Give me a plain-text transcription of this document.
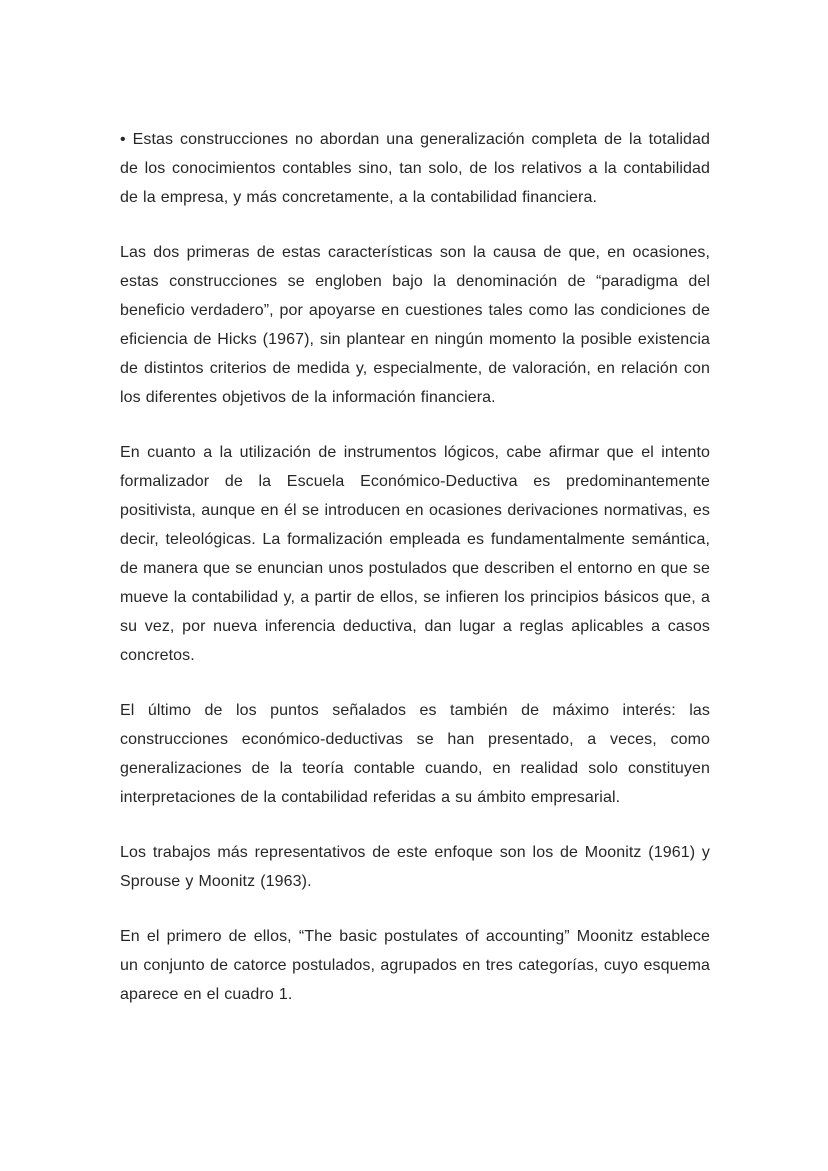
• Estas construcciones no abordan una generalización completa de la totalidad de los conocimientos contables sino, tan solo, de los relativos a la contabilidad de la empresa, y más concretamente, a la contabilidad financiera.

Las dos primeras de estas características son la causa de que, en ocasiones, estas construcciones se engloben bajo la denominación de “paradigma del beneficio verdadero”, por apoyarse en cuestiones tales como las condiciones de eficiencia de Hicks (1967), sin plantear en ningún momento la posible existencia de distintos criterios de medida y, especialmente, de valoración, en relación con los diferentes objetivos de la información financiera.

En cuanto a la utilización de instrumentos lógicos, cabe afirmar que el intento formalizador de la Escuela Económico-Deductiva es predominantemente positivista, aunque en él se introducen en ocasiones derivaciones normativas, es decir, teleológicas. La formalización empleada es fundamentalmente semántica, de manera que se enuncian unos postulados que describen el entorno en que se mueve la contabilidad y, a partir de ellos, se infieren los principios básicos que, a su vez, por nueva inferencia deductiva, dan lugar a reglas aplicables a casos concretos.

El último de los puntos señalados es también de máximo interés: las construcciones económico-deductivas se han presentado, a veces, como generalizaciones de la teoría contable cuando, en realidad solo constituyen interpretaciones de la contabilidad referidas a su ámbito empresarial.

Los trabajos más representativos de este enfoque son los de Moonitz (1961) y Sprouse y Moonitz (1963).

En el primero de ellos, “The basic postulates of accounting” Moonitz establece un conjunto de catorce postulados, agrupados en tres categorías, cuyo esquema aparece en el cuadro 1.
